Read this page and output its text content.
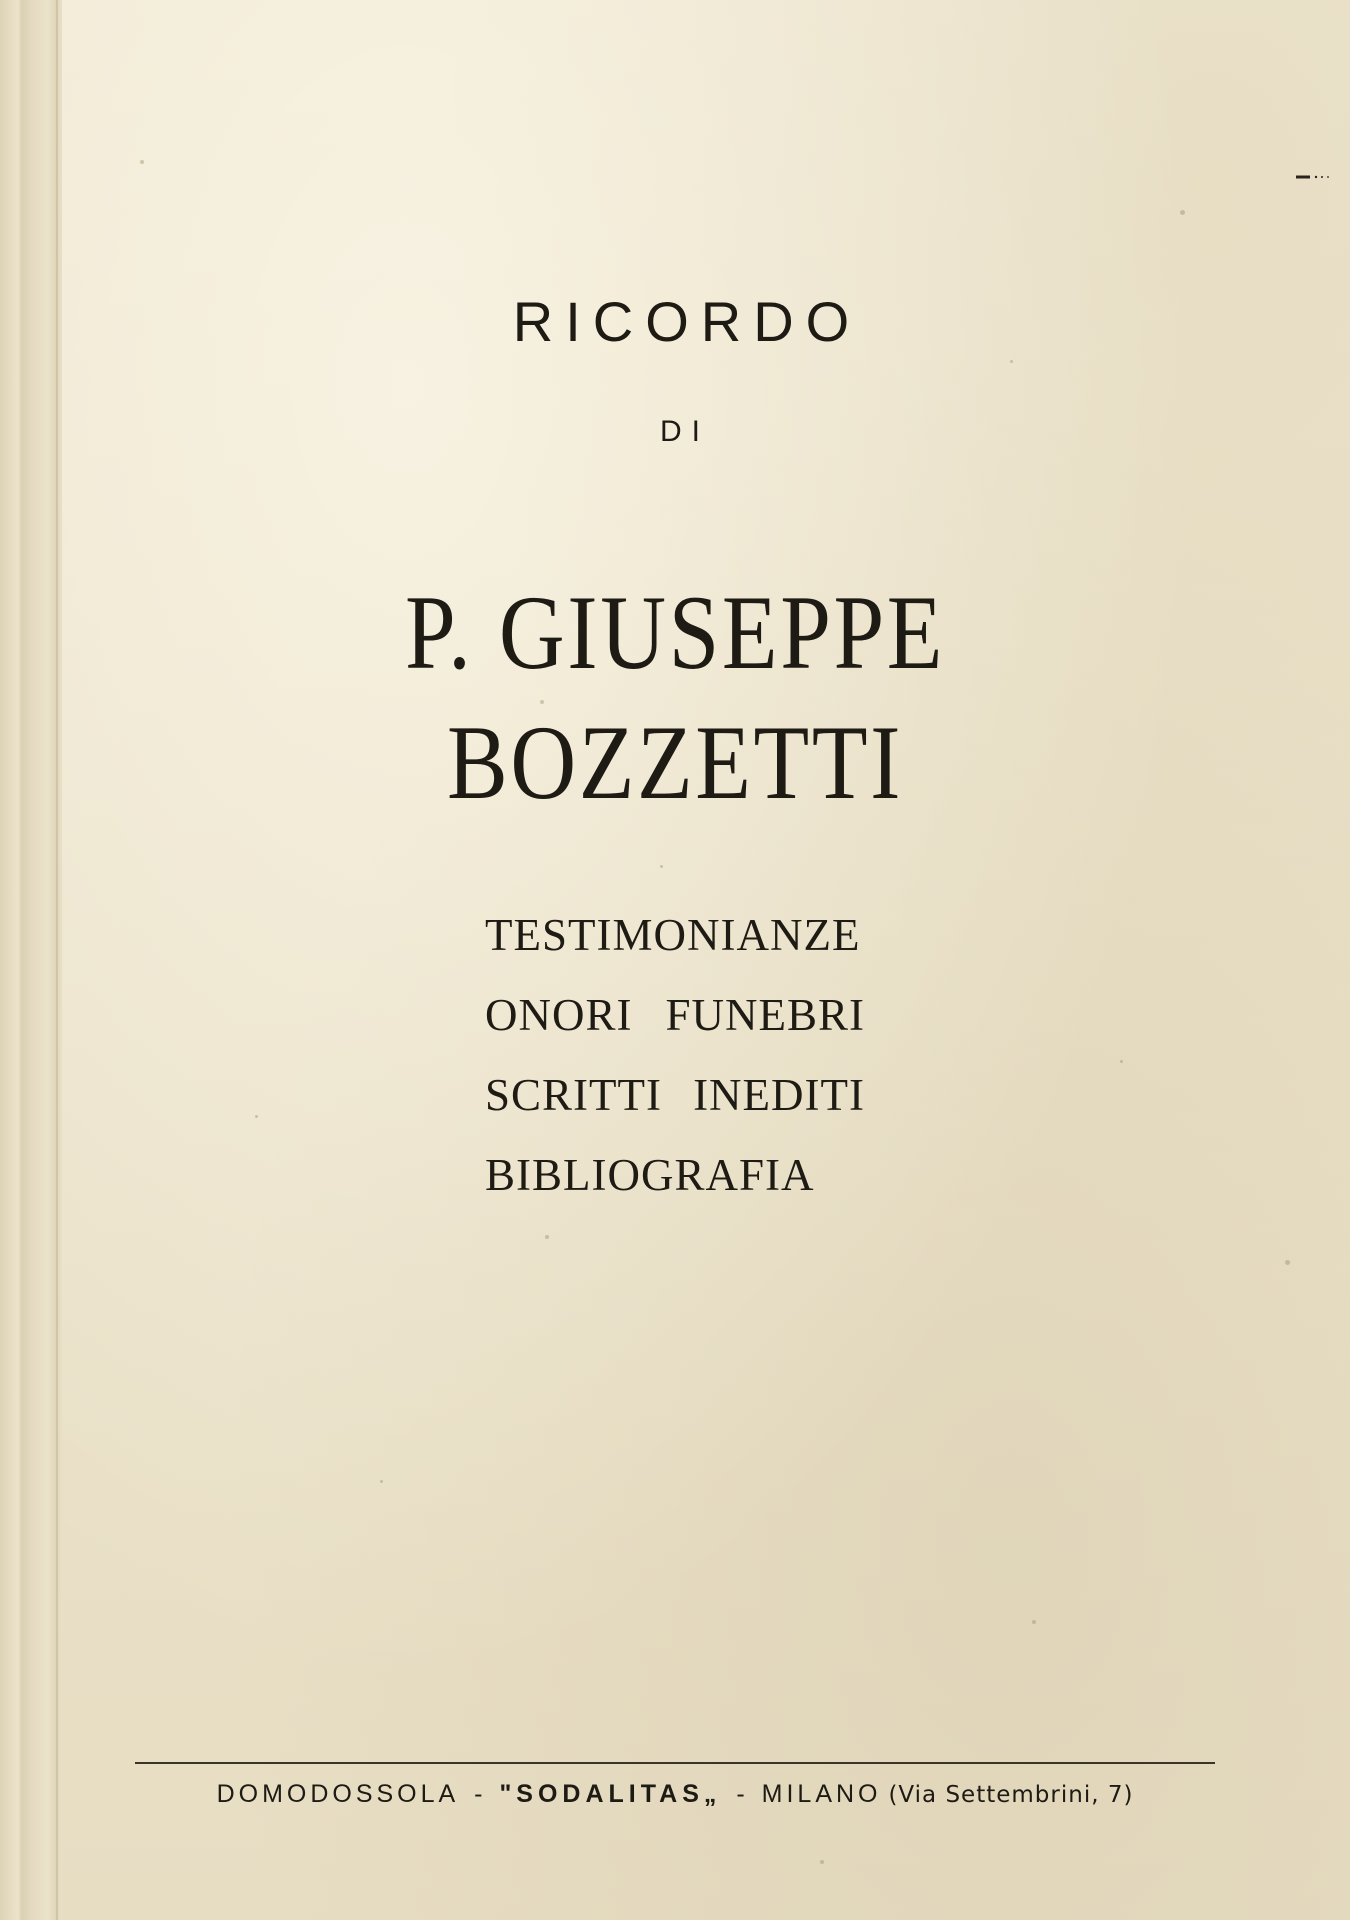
RICORDO
DI
P. GIUSEPPE BOZZETTI
TESTIMONIANZE
ONORI FUNEBRI
SCRITTI INEDITI
BIBLIOGRAFIA
DOMODOSSOLA - "SODALITAS„ - MILANO (Via Settembrini, 7)
